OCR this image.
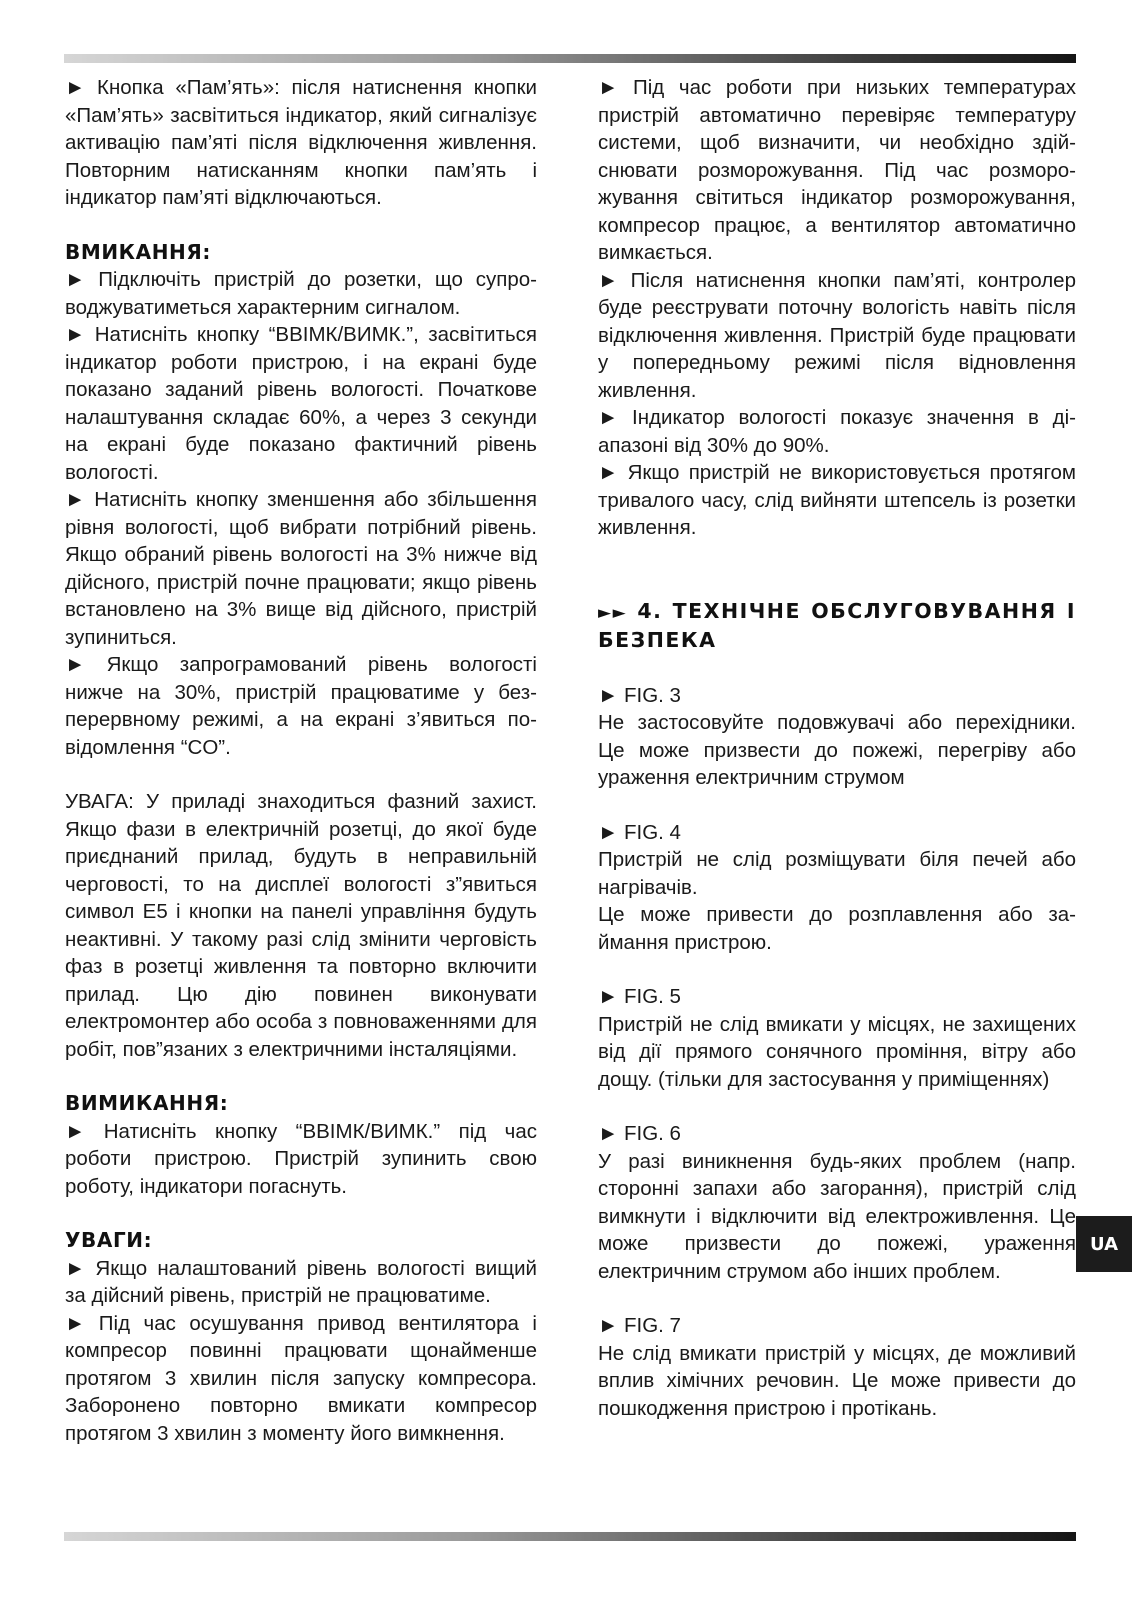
► Кнопка «Пам’ять»: після натиснення кнопки «Пам’ять» засвітиться індикатор, який сигналізує активацію пам’яті після відключення живлення. Повторним натисканням кнопки пам’ять і індикатор пам’яті відключаються.

ВМИКАННЯ:

► Підключіть пристрій до розетки, що супроводжуватиметься характерним сигналом.

► Натисніть кнопку “ВВІМК/ВИМК.”, засвітиться індикатор роботи пристрою, і на екрані буде показано заданий рівень вологості. Початкове налаштування складає 60%, а через 3 секунди на екрані буде показано фактичний рівень вологості.

► Натисніть кнопку зменшення або збільшення рівня вологості, щоб вибрати потрібний рівень. Якщо обраний рівень вологості на 3% нижче від дійсного, пристрій почне працювати; якщо рівень встановлено на 3% вище від дійсного, пристрій зупиниться.

► Якщо запрограмований рівень вологості нижче на 30%, пристрій працюватиме у безперервному режимі, а на екрані з’явиться повідомлення “CO”.

УВАГА: У приладі знаходиться фазний захист. Якщо фази в електричній розетці, до якої буде приєднаний прилад, будуть в неправильній черговості, то на дисплеї вологості з”явиться символ E5 і кнопки на панелі управління будуть неактивні. У такому разі слід змінити черговість фаз в розетці живлення та повторно включити прилад. Цю дію повинен виконувати електромонтер або особа з повноваженнями для робіт, пов”язаних з електричними інсталяціями.

ВИМИКАННЯ:

► Натисніть кнопку “ВВІМК/ВИМК.” під час роботи пристрою. Пристрій зупинить свою роботу, індикатори погаснуть.

УВАГИ:

► Якщо налаштований рівень вологості вищий за дійсний рівень, пристрій не працюватиме.

► Під час осушування привод вентилятора і компресор повинні працювати щонайменше протягом 3 хвилин після запуску компресора. Заборонено повторно вмикати компресор протягом 3 хвилин з моменту його вимкнення.

► Під час роботи при низьких температурах пристрій автоматично перевіряє температуру системи, щоб визначити, чи необхідно здійснювати розморожування. Під час розморожування світиться індикатор розморожування, компресор працює, а вентилятор автоматично вимкається.

► Після натиснення кнопки пам’яті, контролер буде реєструвати поточну вологість навіть після відключення живлення. Пристрій буде працювати у попередньому режимі після відновлення живлення.

► Індикатор вологості показує значення в діапазоні від 30% до 90%.

► Якщо пристрій не використовується протягом тривалого часу, слід вийняти штепсель із розетки живлення.

►► 4. ТЕХНІЧНЕ ОБСЛУГОВУВАННЯ І БЕЗПЕКА

► FIG. 3

Не застосовуйте подовжувачі або перехідники. Це може призвести до пожежі, перегріву або ураження електричним струмом

► FIG. 4

Пристрій не слід розміщувати біля печей або нагрівачів.

Це може привести до розплавлення або займання пристрою.

► FIG. 5

Пристрій не слід вмикати у місцях, не захищених від дії прямого сонячного проміння, вітру або дощу. (тільки для застосування у приміщеннях)

► FIG. 6

У разі виникнення будь-яких проблем (напр. сторонні запахи або загорання), пристрій слід вимкнути і відключити від електроживлення. Це може призвести до пожежі, ураження електричним струмом або інших проблем.

► FIG. 7

Не слід вмикати пристрій у місцях, де можливий вплив хімічних речовин. Це може привести до пошкодження пристрою і протікань.

UA
